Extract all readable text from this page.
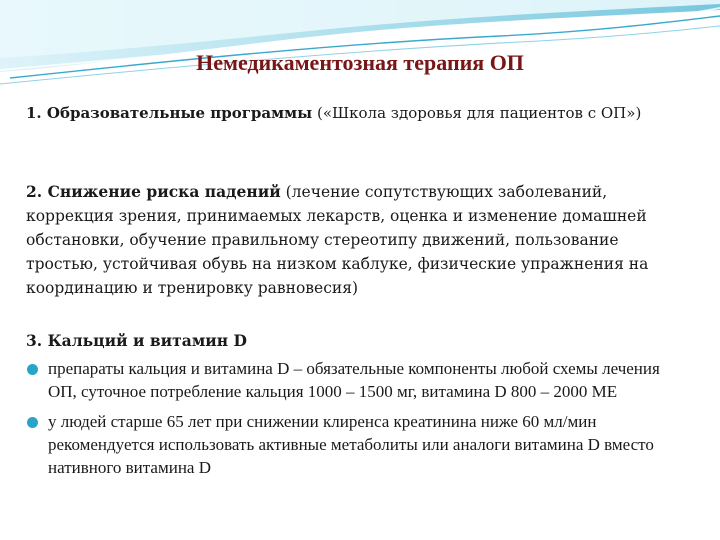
Немедикаментозная терапия ОП
1. Образовательные программы («Школа здоровья для пациентов с ОП»)
2. Снижение риска падений (лечение сопутствующих заболеваний, коррекция зрения, принимаемых лекарств, оценка и изменение домашней обстановки, обучение правильному стереотипу движений, пользование тростью, устойчивая обувь на низком каблуке, физические упражнения на координацию и тренировку равновесия)
3. Кальций и витамин D
препараты кальция и витамина D – обязательные компоненты любой схемы лечения ОП, суточное потребление кальция 1000 – 1500 мг, витамина D 800 – 2000 МЕ
у людей старше 65 лет при снижении клиренса креатинина ниже 60 мл/мин рекомендуется использовать активные метаболиты или аналоги витамина D вместо нативного витамина D
